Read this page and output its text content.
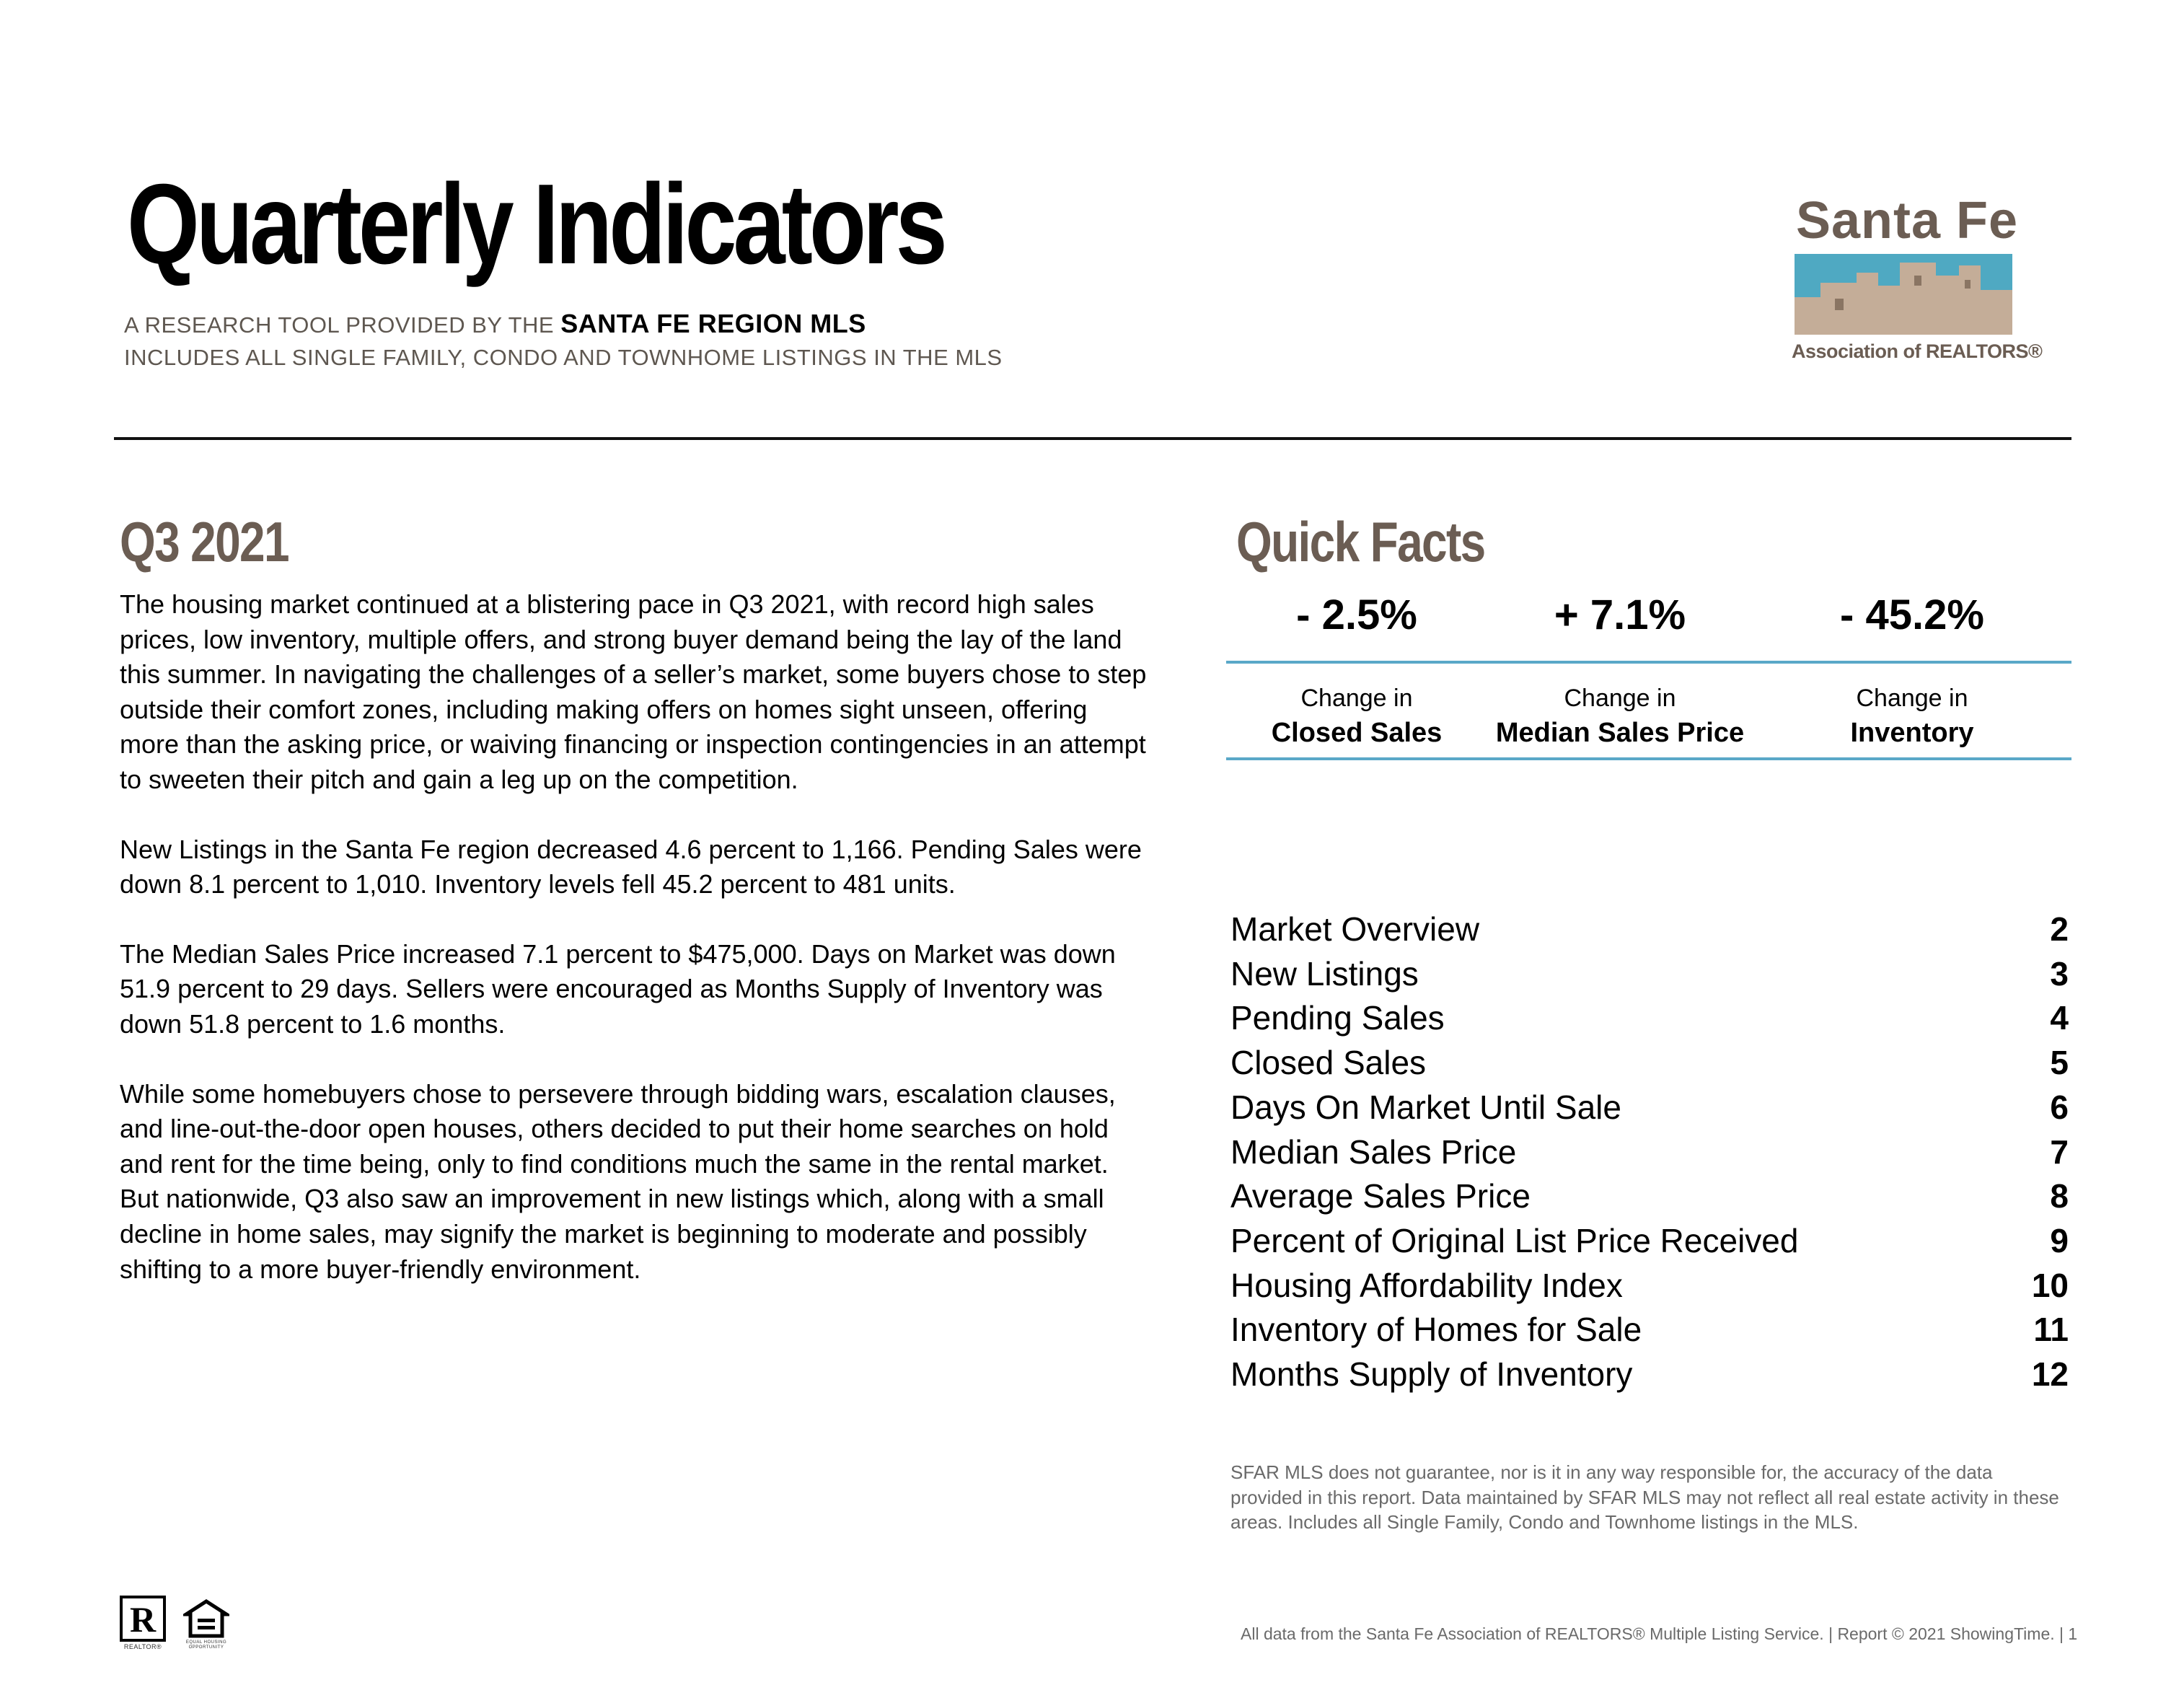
Quarterly Indicators
A RESEARCH TOOL PROVIDED BY THE SANTA FE REGION MLS
INCLUDES ALL SINGLE FAMILY, CONDO AND TOWNHOME LISTINGS IN THE MLS
Santa Fe
Association of REALTORS®
Q3 2021

The housing market continued at a blistering pace in Q3 2021, with record high sales prices, low inventory, multiple offers, and strong buyer demand being the lay of the land this summer. In navigating the challenges of a seller’s market, some buyers chose to step outside their comfort zones, including making offers on homes sight unseen, offering more than the asking price, or waiving financing or inspection contingencies in an attempt to sweeten their pitch and gain a leg up on the competition.

New Listings in the Santa Fe region decreased 4.6 percent to 1,166. Pending Sales were down 8.1 percent to 1,010. Inventory levels fell 45.2 percent to 481 units.

The Median Sales Price increased 7.1 percent to $475,000. Days on Market was down 51.9 percent to 29 days. Sellers were encouraged as Months Supply of Inventory was down 51.8 percent to 1.6 months.

While some homebuyers chose to persevere through bidding wars, escalation clauses, and line-out-the-door open houses, others decided to put their home searches on hold and rent for the time being, only to find conditions much the same in the rental market. But nationwide, Q3 also saw an improvement in new listings which, along with a small decline in home sales, may signify the market is beginning to moderate and possibly shifting to a more buyer-friendly environment.

Quick Facts
- 2.5%	+ 7.1%	- 45.2%
Change in
Closed Sales
Change in
Median Sales Price
Change in
Inventory
Market Overview	2
New Listings	3
Pending Sales	4
Closed Sales	5
Days On Market Until Sale	6
Median Sales Price	7
Average Sales Price	8
Percent of Original List Price Received	9
Housing Affordability Index	10
Inventory of Homes for Sale	11
Months Supply of Inventory	12
SFAR MLS does not guarantee, nor is it in any way responsible for, the accuracy of the data provided in this report. Data maintained by SFAR MLS may not reflect all real estate activity in these areas. Includes all Single Family, Condo and Townhome listings in the MLS.
R
REALTOR®
EQUAL HOUSING OPPORTUNITY
All data from the Santa Fe Association of REALTORS® Multiple Listing Service. | Report © 2021 ShowingTime. | 1
